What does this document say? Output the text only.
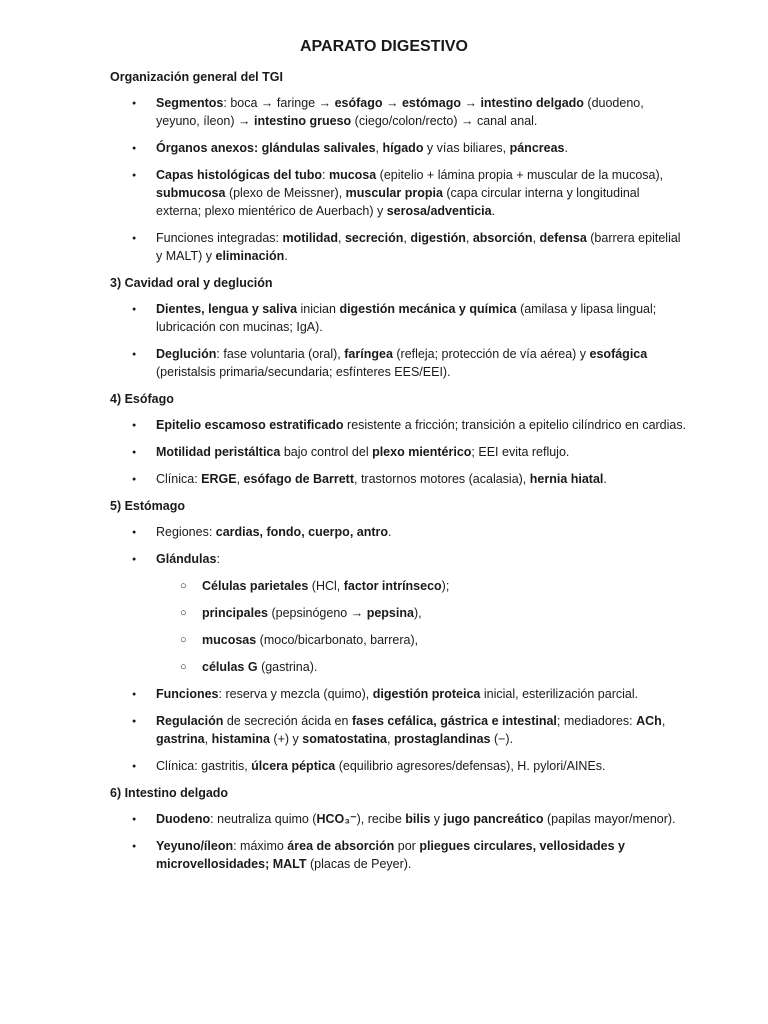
APARATO DIGESTIVO
Organización general del TGI
● Segmentos: boca → faringe → esófago → estómago → intestino delgado (duodeno, yeyuno, íleon) → intestino grueso (ciego/colon/recto) → canal anal.
● Órganos anexos: glándulas salivales, hígado y vías biliares, páncreas.
● Capas histológicas del tubo: mucosa (epitelio + lámina propia + muscular de la mucosa), submucosa (plexo de Meissner), muscular propia (capa circular interna y longitudinal externa; plexo mientérico de Auerbach) y serosa/adventicia.
● Funciones integradas: motilidad, secreción, digestión, absorción, defensa (barrera epitelial y MALT) y eliminación.
3) Cavidad oral y deglución
● Dientes, lengua y saliva inician digestión mecánica y química (amilasa y lipasa lingual; lubricación con mucinas; IgA).
● Deglución: fase voluntaria (oral), faríngea (refleja; protección de vía aérea) y esofágica (peristalsis primaria/secundaria; esfínteres EES/EEI).
4) Esófago
● Epitelio escamoso estratificado resistente a fricción; transición a epitelio cilíndrico en cardias.
● Motilidad peristáltica bajo control del plexo mientérico; EEI evita reflujo.
● Clínica: ERGE, esófago de Barrett, trastornos motores (acalasia), hernia hiatal.
5) Estómago
● Regiones: cardias, fondo, cuerpo, antro.
● Glándulas:
○ Células parietales (HCl, factor intrínseco);
○ principales (pepsinógeno → pepsina),
○ mucosas (moco/bicarbonato, barrera),
○ células G (gastrina).
● Funciones: reserva y mezcla (quimo), digestión proteica inicial, esterilización parcial.
● Regulación de secreción ácida en fases cefálica, gástrica e intestinal; mediadores: ACh, gastrina, histamina (+) y somatostatina, prostaglandinas (−).
● Clínica: gastritis, úlcera péptica (equilibrio agresores/defensas), H. pylori/AINEs.
6) Intestino delgado
● Duodeno: neutraliza quimo (HCO₃⁻), recibe bilis y jugo pancreático (papilas mayor/menor).
● Yeyuno/íleon: máximo área de absorción por pliegues circulares, vellosidades y microvellosidades; MALT (placas de Peyer).
